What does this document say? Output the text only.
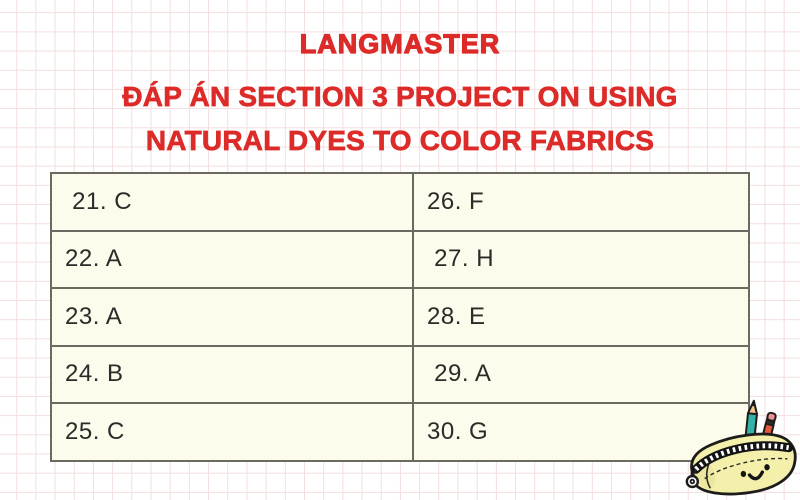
LANGMASTER
ĐÁP ÁN SECTION 3 PROJECT ON USING
NATURAL DYES TO COLOR FABRICS
21. C	26. F
22. A	27. H
23. A	28. E
24. B	29. A
25. C	30. G
